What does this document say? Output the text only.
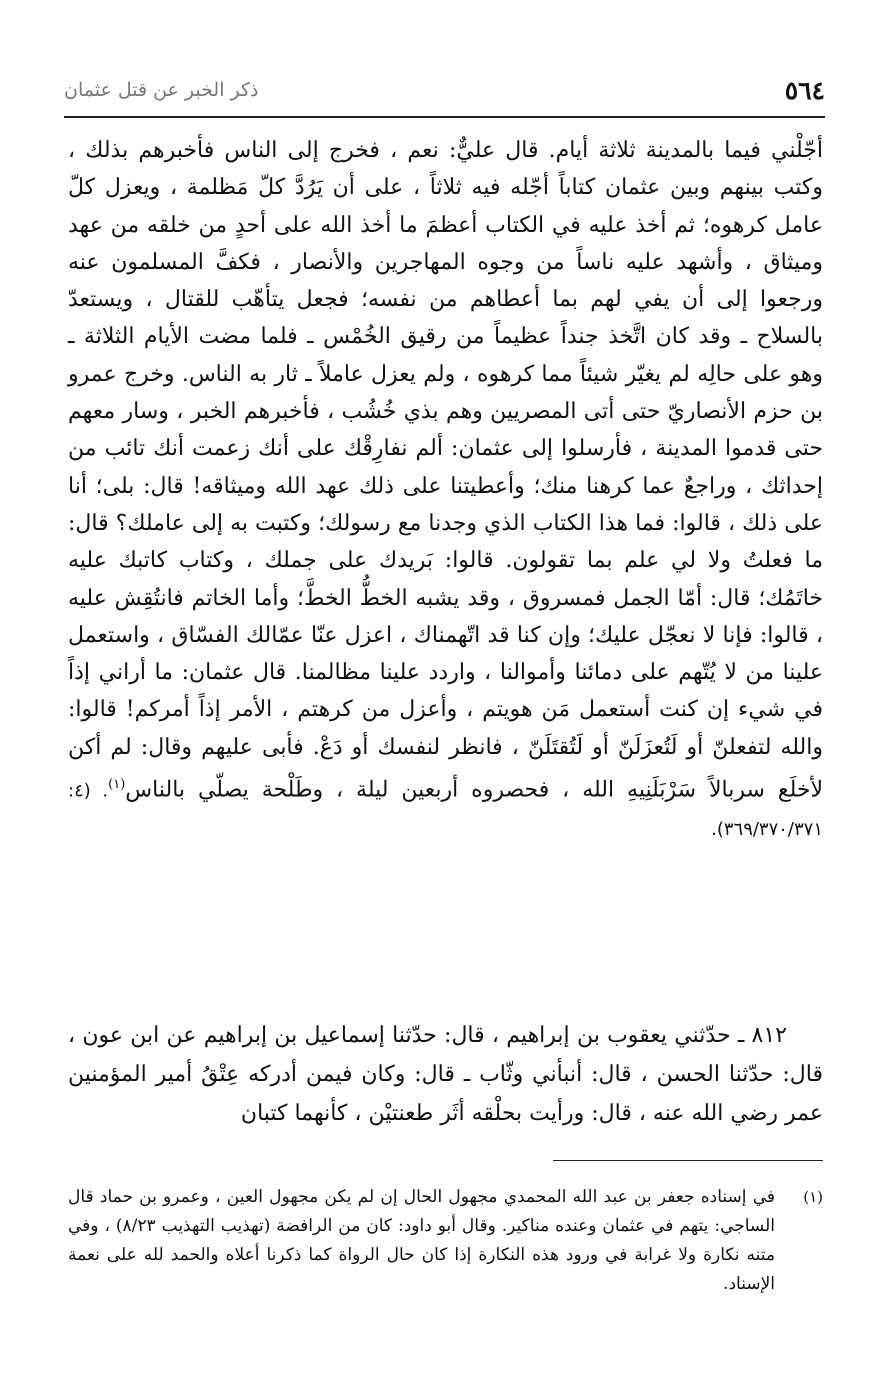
٥٦٤
ذكر الخبر عن قتل عثمان

أجّلْني فيما بالمدينة ثلاثة أيام. قال عليٌّ: نعم ، فخرج إلى الناس فأخبرهم بذلك ، وكتب بينهم وبين عثمان كتاباً أجّله فيه ثلاثاً ، على أن يَرُدَّ كلّ مَظلمة ، ويعزل كلّ عامل كرهوه؛ ثم أخذ عليه في الكتاب أعظمَ ما أخذ الله على أحدٍ من خلقه من عهد وميثاق ، وأشهد عليه ناساً من وجوه المهاجرين والأنصار ، فكفَّ المسلمون عنه ورجعوا إلى أن يفي لهم بما أعطاهم من نفسه؛ فجعل يتأهّب للقتال ، ويستعدّ بالسلاح ـ وقد كان اتَّخذ جنداً عظيماً من رقيق الخُمْس ـ فلما مضت الأيام الثلاثة ـ وهو على حالِه لم يغيّر شيئاً مما كرهوه ، ولم يعزل عاملاً ـ ثار به الناس. وخرج عمرو بن حزم الأنصاريّ حتى أتى المصريين وهم بذي خُشُب ، فأخبرهم الخبر ، وسار معهم حتى قدموا المدينة ، فأرسلوا إلى عثمان: ألم نفارِقْك على أنك زعمت أنك تائب من إحداثك ، وراجعٌ عما كرهنا منك؛ وأعطيتنا على ذلك عهد الله وميثاقه! قال: بلى؛ أنا على ذلك ، قالوا: فما هذا الكتاب الذي وجدنا مع رسولك؛ وكتبت به إلى عاملك؟ قال: ما فعلتُ ولا لي علم بما تقولون. قالوا: بَريدك على جملك ، وكتاب كاتبك عليه خاتَمُك؛ قال: أمّا الجمل فمسروق ، وقد يشبه الخطُّ الخطَّ؛ وأما الخاتم فانتُقِش عليه ، قالوا: فإنا لا نعجّل عليك؛ وإن كنا قد اتّهمناك ، اعزل عنّا عمّالك الفسّاق ، واستعمل علينا من لا يُتّهم على دمائنا وأموالنا ، واردد علينا مظالمنا. قال عثمان: ما أراني إذاً في شيء إن كنت أستعمل مَن هويتم ، وأعزل من كرهتم ، الأمر إذاً أمركم! قالوا: والله لتفعلنّ أو لَتُعزَلَنّ أو لَتُقتَلَنّ ، فانظر لنفسك أو دَعْ. فأبى عليهم وقال: لم أكن لأخلَع سربالاً سَرْبَلَنِيهِ الله ، فحصروه أربعين ليلة ، وطَلْحة يصلّي بالناس$^{(١)}$. (٤: ٣٦٩/٣٧٠/٣٧١).

٨١٢ ـ حدّثني يعقوب بن إبراهيم ، قال: حدّثنا إسماعيل بن إبراهيم عن ابن عون ، قال: حدّثنا الحسن ، قال: أنبأني وثّاب ـ قال: وكان فيمن أدركه عِتْقُ أمير المؤمنين عمر رضي الله عنه ، قال: ورأيت بحلْقه أثَر طعنتيْن ، كأنهما كتبان

(١)
في إسناده جعفر بن عبد الله المحمدي مجهول الحال إن لم يكن مجهول العين ، وعمرو بن حماد قال الساجي: يتهم في عثمان وعنده مناكير. وقال أبو داود: كان من الرافضة (تهذيب التهذيب ٨/٢٣) ، وفي متنه نكارة ولا غرابة في ورود هذه النكارة إذا كان حال الرواة كما ذكرنا أعلاه والحمد لله على نعمة الإسناد.
